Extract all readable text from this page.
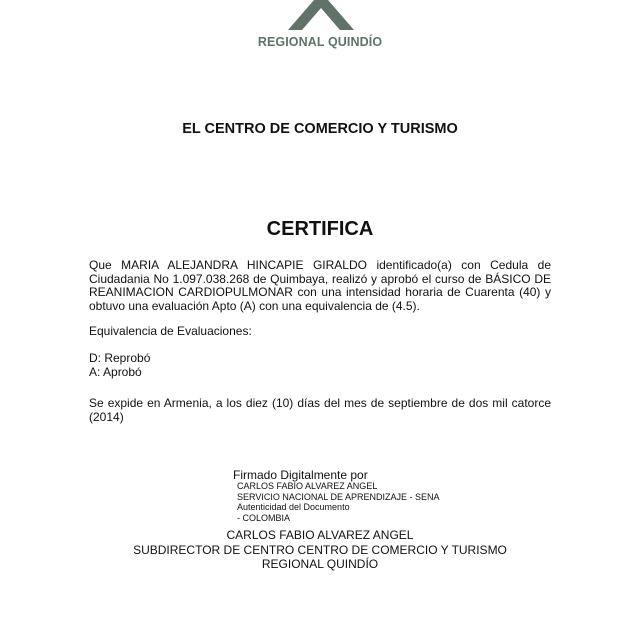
REGIONAL QUINDÍO
EL CENTRO DE COMERCIO Y TURISMO
CERTIFICA
Que MARIA ALEJANDRA HINCAPIE GIRALDO identificado(a) con Cedula de Ciudadania No 1.097.038.268 de Quimbaya, realizó y aprobó el curso de BÁSICO DE REANIMACION CARDIOPULMONAR con una intensidad horaria de Cuarenta (40) y obtuvo una evaluación Apto (A) con una equivalencia de (4.5).
Equivalencia de Evaluaciones:
D: Reprobó
A: Aprobó
Se expide en Armenia, a los diez (10) días del mes de septiembre de dos mil catorce (2014)
Firmado Digitalmente por
CARLOS FABIO ALVAREZ ANGEL
SERVICIO NACIONAL DE APRENDIZAJE - SENA
Autenticidad del Documento
- COLOMBIA
CARLOS FABIO ALVAREZ ANGEL
SUBDIRECTOR DE CENTRO CENTRO DE COMERCIO Y TURISMO
REGIONAL QUINDÍO
